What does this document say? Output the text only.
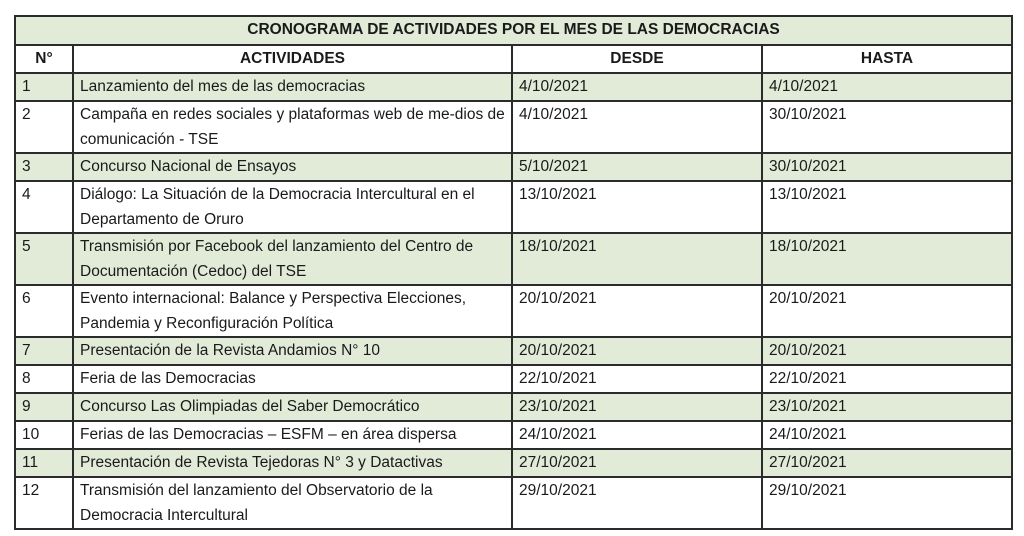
CRONOGRAMA DE ACTIVIDADES POR EL MES DE LAS DEMOCRACIAS			
N°	ACTIVIDADES	DESDE	HASTA
1	Lanzamiento del mes de las democracias	4/10/2021	4/10/2021
2	Campaña en redes sociales y plataformas web de me-dios de comunicación - TSE	4/10/2021	30/10/2021
3	Concurso Nacional de Ensayos	5/10/2021	30/10/2021
4	Diálogo: La Situación de la Democracia Intercultural en el Departamento de Oruro	13/10/2021	13/10/2021
5	Transmisión por Facebook del lanzamiento del Centro de Documentación (Cedoc) del TSE	18/10/2021	18/10/2021
6	Evento internacional: Balance y Perspectiva Elecciones, Pandemia y Reconfiguración Política	20/10/2021	20/10/2021
7	Presentación de la Revista Andamios N° 10	20/10/2021	20/10/2021
8	Feria de las Democracias	22/10/2021	22/10/2021
9	Concurso Las Olimpiadas del Saber Democrático	23/10/2021	23/10/2021
10	Ferias de las Democracias – ESFM – en área dispersa	24/10/2021	24/10/2021
11	Presentación de Revista Tejedoras N° 3 y Datactivas	27/10/2021	27/10/2021
12	Transmisión del lanzamiento del Observatorio de la Democracia Intercultural	29/10/2021	29/10/2021
